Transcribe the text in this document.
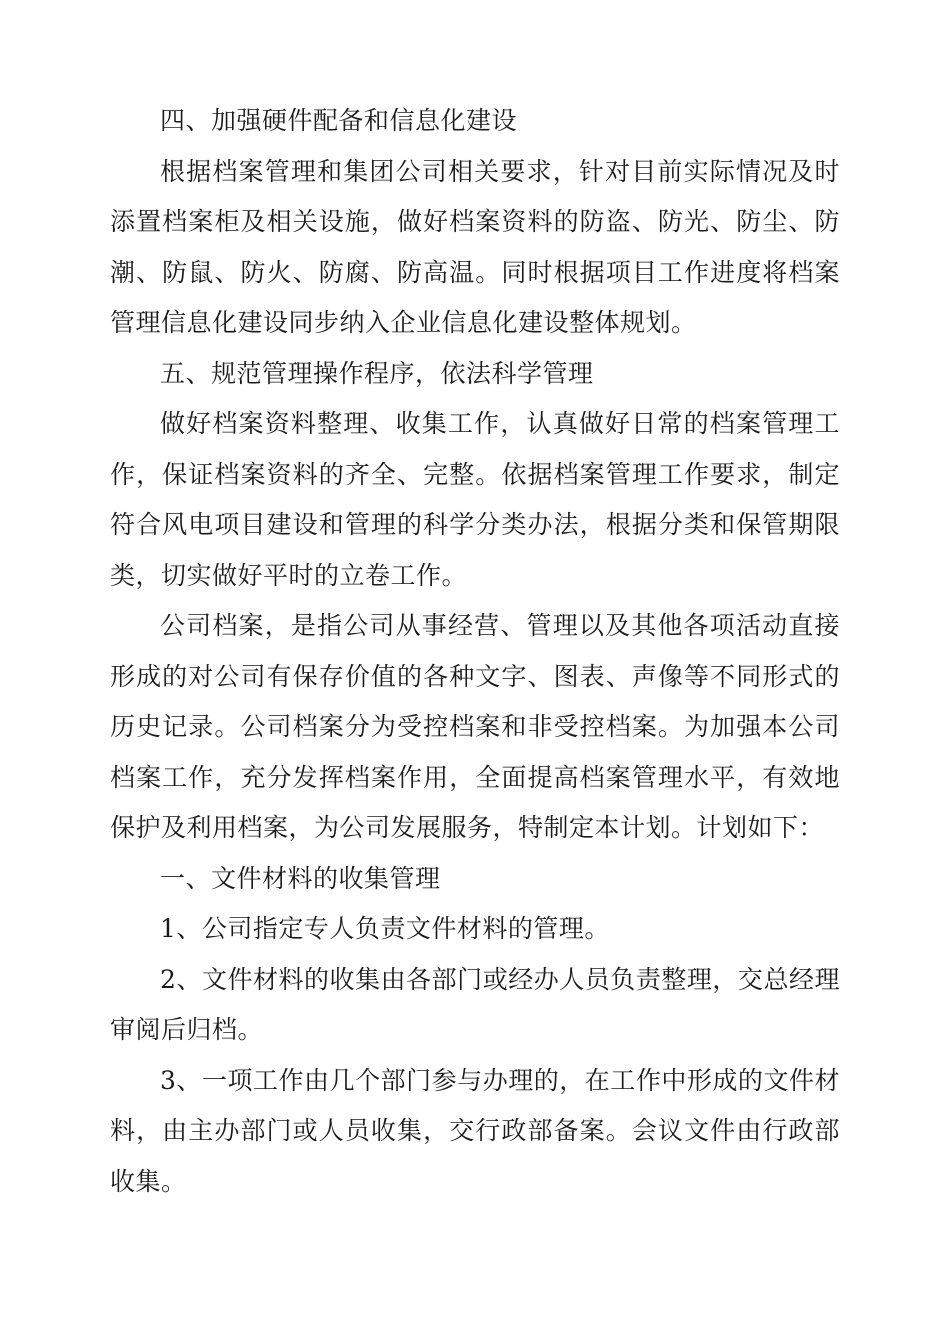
四、加强硬件配备和信息化建设

根据档案管理和集团公司相关要求，针对目前实际情况及时添置档案柜及相关设施，做好档案资料的防盗、防光、防尘、防潮、防鼠、防火、防腐、防高温。同时根据项目工作进度将档案管理信息化建设同步纳入企业信息化建设整体规划。

五、规范管理操作程序，依法科学管理

做好档案资料整理、收集工作，认真做好日常的档案管理工作，保证档案资料的齐全、完整。依据档案管理工作要求，制定符合风电项目建设和管理的科学分类办法，根据分类和保管期限类，切实做好平时的立卷工作。

公司档案，是指公司从事经营、管理以及其他各项活动直接形成的对公司有保存价值的各种文字、图表、声像等不同形式的历史记录。公司档案分为受控档案和非受控档案。为加强本公司档案工作，充分发挥档案作用，全面提高档案管理水平，有效地保护及利用档案，为公司发展服务，特制定本计划。计划如下：

一、文件材料的收集管理

1、公司指定专人负责文件材料的管理。

2、文件材料的收集由各部门或经办人员负责整理，交总经理审阅后归档。

3、一项工作由几个部门参与办理的，在工作中形成的文件材料，由主办部门或人员收集，交行政部备案。会议文件由行政部收集。
